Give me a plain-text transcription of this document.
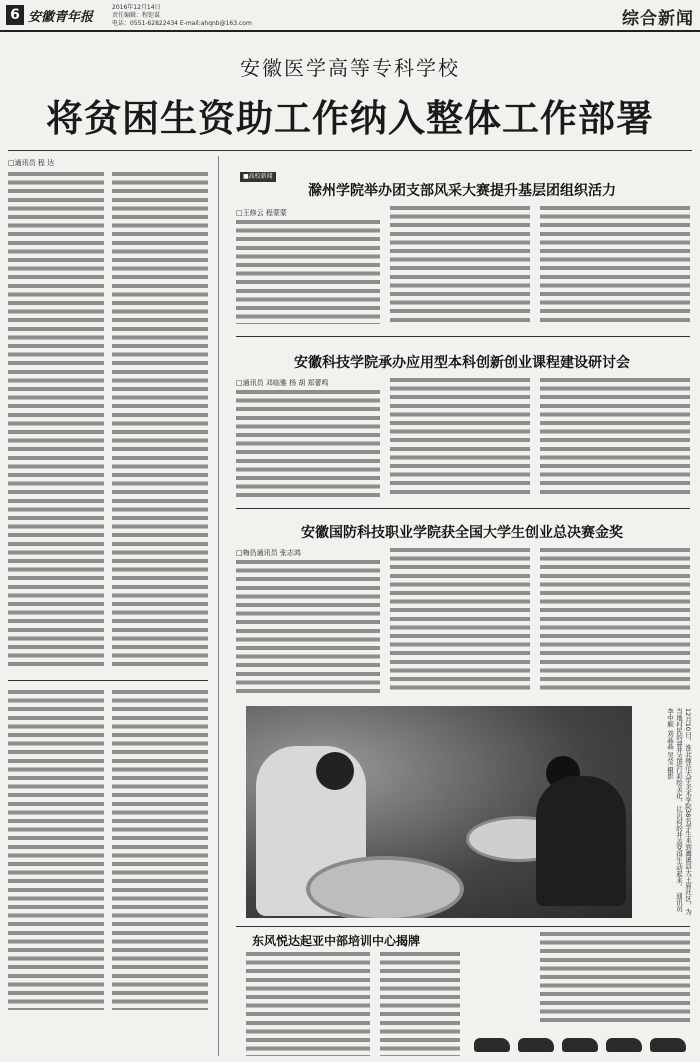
6 安徽青年报
2016年12月14日
责任编辑：程钜谋
电话：0551-62822434 E-mail:ahqnb@163.com	综合新闻
安徽医学高等专科学校
将贫困生资助工作纳入整体工作部署
□通讯员 程 达
■高校新闻
滁州学院举办团支部风采大赛提升基层团组织活力
□王修云 程蒙蒙
安徽科技学院承办应用型本科创新创业课程建设研讨会
□通讯员 邓临雅 杨 胡 郑蕾鸣
安徽国防科技职业学院获全国大学生创业总决赛金奖
□梅仍通讯员 张志鸿
12月10日，淮北师范大学美术学院38名学生来到濉溪县大王庙社区，为当地村民的窨井盖进行彩绘美化，让沉闷的井盖变得生动起来。 通讯员 李中顺 刘晶晶 吴莹 摄影
东风悦达起亚中部培训中心揭牌
